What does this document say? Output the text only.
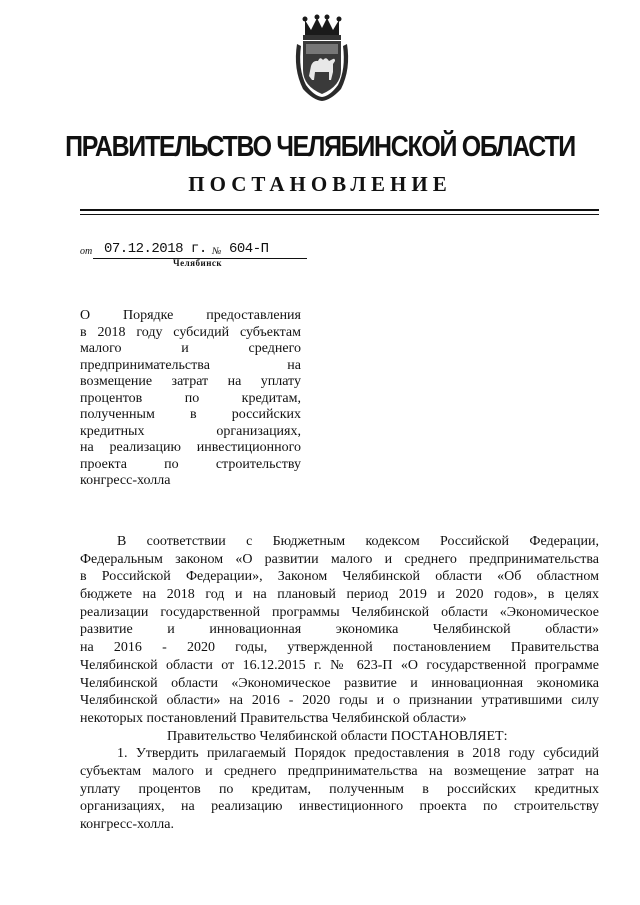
ПРАВИТЕЛЬСТВО ЧЕЛЯБИНСКОЙ ОБЛАСТИ
ПОСТАНОВЛЕНИЕ
от 07.12.2018 г. № 604-П
Челябинск
О Порядке предоставления
в 2018 году субсидий субъектам
малого и среднего
предпринимательства на
возмещение затрат на уплату
процентов по кредитам,
полученным в российских
кредитных организациях,
на реализацию инвестиционного
проекта по строительству
конгресс-холла
В соответствии с Бюджетным кодексом Российской Федерации,
Федеральным законом «О развитии малого и среднего предпринимательства
в Российской Федерации», Законом Челябинской области «Об областном
бюджете на 2018 год и на плановый период 2019 и 2020 годов», в целях
реализации государственной программы Челябинской области «Экономическое
развитие и инновационная экономика Челябинской области»
на 2016 - 2020 годы, утвержденной постановлением Правительства
Челябинской области от 16.12.2015 г. № 623-П «О государственной программе
Челябинской области «Экономическое развитие и инновационная экономика
Челябинской области» на 2016 - 2020 годы и о признании утратившими силу
некоторых постановлений Правительства Челябинской области»
Правительство Челябинской области ПОСТАНОВЛЯЕТ:
1. Утвердить прилагаемый Порядок предоставления в 2018 году субсидий
субъектам малого и среднего предпринимательства на возмещение затрат на
уплату процентов по кредитам, полученным в российских кредитных
организациях, на реализацию инвестиционного проекта по строительству
конгресс-холла.
